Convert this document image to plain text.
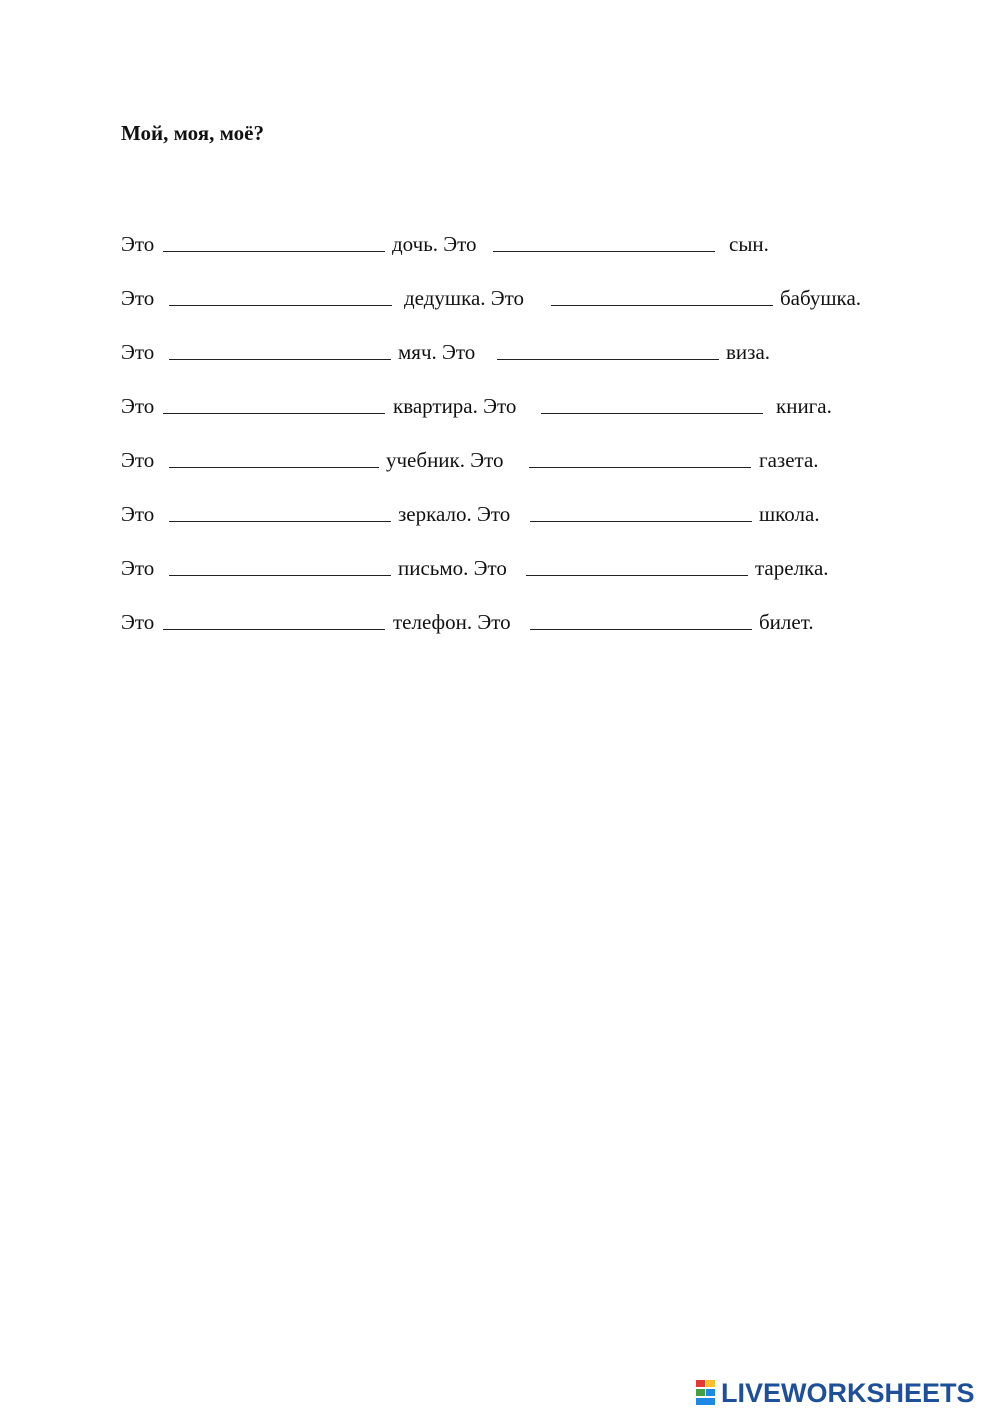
Мой, моя, моё?
Это	дочь. Это	сын.
Это	дедушка. Это	бабушка.
Это	мяч. Это	виза.
Это	квартира. Это	книга.
Это	учебник. Это	газета.
Это	зеркало. Это	школа.
Это	письмо. Это	тарелка.
Это	телефон. Это	билет.
LIVEWORKSHEETS
